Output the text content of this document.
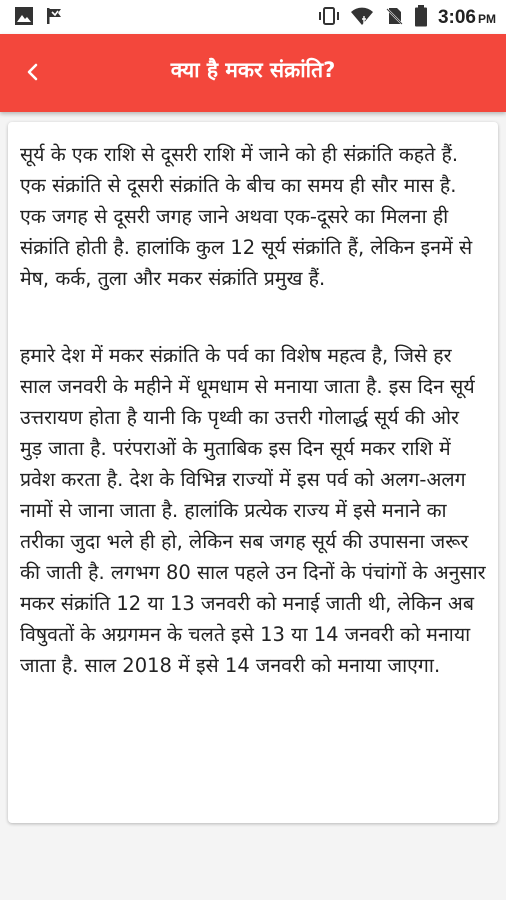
3:06 PM
क्या है मकर संक्रांति?

सूर्य के एक राशि से दूसरी राशि में जाने को ही संक्रांति कहते हैं. एक संक्रांति से दूसरी संक्रांति के बीच का समय ही सौर मास है. एक जगह से दूसरी जगह जाने अथवा एक-दूसरे का मिलना ही संक्रांति होती है. हालांकि कुल 12 सूर्य संक्रांति हैं, लेकिन इनमें से मेष, कर्क, तुला और मकर संक्रांति प्रमुख हैं.

हमारे देश में मकर संक्रांति के पर्व का विशेष महत्व है, जिसे हर साल जनवरी के महीने में धूमधाम से मनाया जाता है. इस दिन सूर्य उत्तरायण होता है यानी कि पृथ्वी का उत्तरी गोलार्द्ध सूर्य की ओर मुड़ जाता है. परंपराओं के मुताबिक इस दिन सूर्य मकर राशि में प्रवेश करता है. देश के विभिन्न राज्यों में इस पर्व को अलग-अलग नामों से जाना जाता है. हालांकि प्रत्येक राज्य में इसे मनाने का तरीका जुदा भले ही हो, लेकिन सब जगह सूर्य की उपासना जरूर की जाती है. लगभग 80 साल पहले उन दिनों के पंचांगों के अनुसार मकर संक्रांति 12 या 13 जनवरी को मनाई जाती थी, लेकिन अब विषुवतों के अग्रगमन के चलते इसे 13 या 14 जनवरी को मनाया जाता है. साल 2018 में इसे 14 जनवरी को मनाया जाएगा.
